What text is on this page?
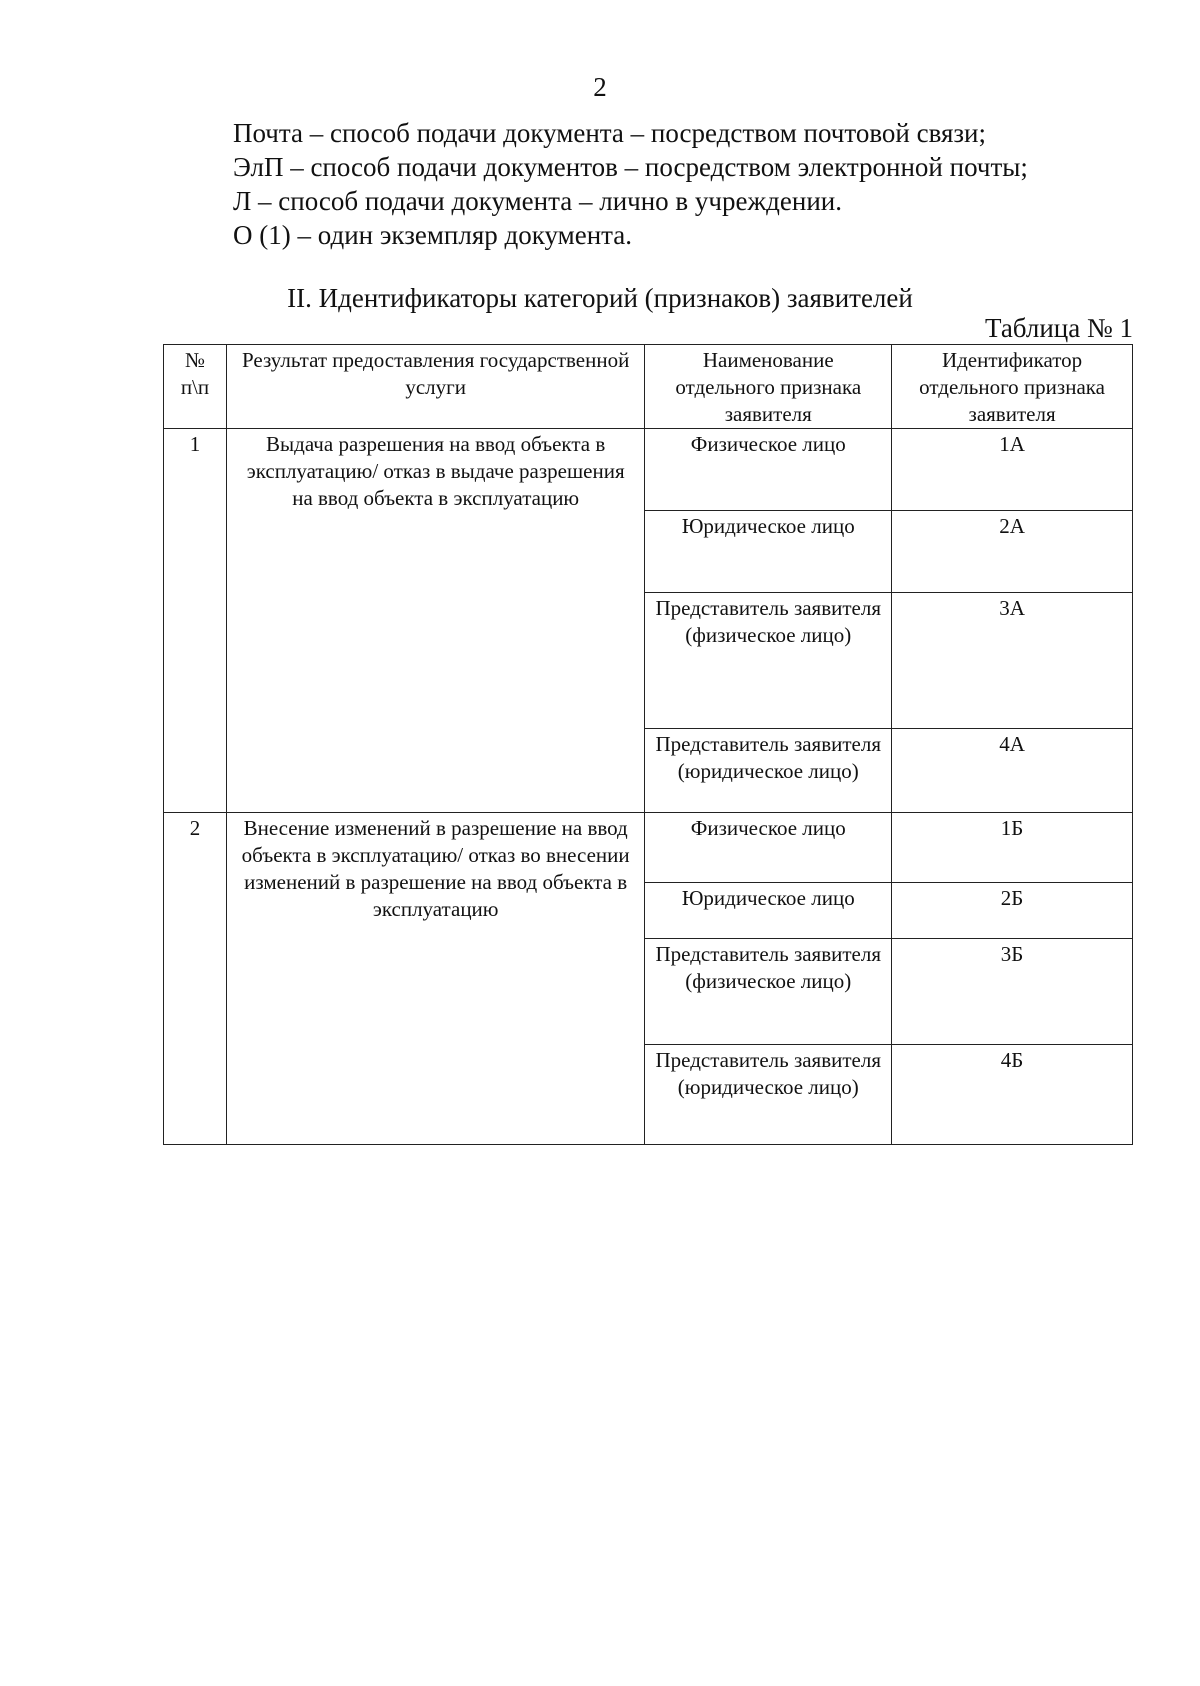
2
Почта – способ подачи документа – посредством почтовой связи;
ЭлП – способ подачи документов – посредством электронной почты;
Л – способ подачи документа – лично в учреждении.
О (1) – один экземпляр документа.
II. Идентификаторы категорий (признаков) заявителей
Таблица № 1
№ п\п	Результат предоставления государственной услуги	Наименование отдельного признака заявителя	Идентификатор отдельного признака заявителя
1	Выдача разрешения на ввод объекта в эксплуатацию/ отказ в выдаче разрешения на ввод объекта в эксплуатацию	Физическое лицо	1А
		Юридическое лицо	2А
		Представитель заявителя (физическое лицо)	3А
		Представитель заявителя (юридическое лицо)	4А
2	Внесение изменений в разрешение на ввод объекта в эксплуатацию/ отказ во внесении изменений в разрешение на ввод объекта в эксплуатацию	Физическое лицо	1Б
		Юридическое лицо	2Б
		Представитель заявителя (физическое лицо)	3Б
		Представитель заявителя (юридическое лицо)	4Б
